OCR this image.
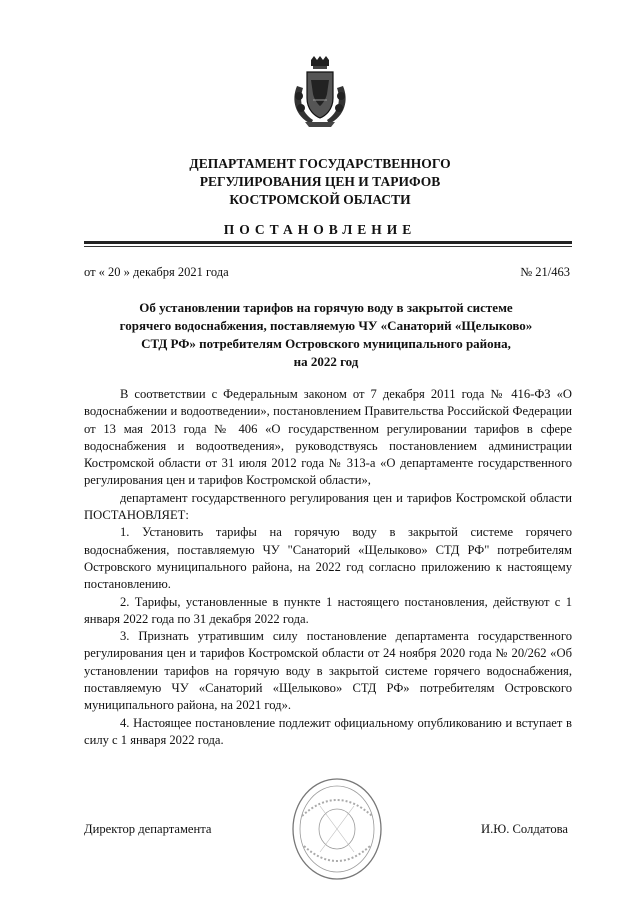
ДЕПАРТАМЕНТ ГОСУДАРСТВЕННОГО
РЕГУЛИРОВАНИЯ ЦЕН И ТАРИФОВ
КОСТРОМСКОЙ ОБЛАСТИ
ПОСТАНОВЛЕНИЕ
от « 20 » декабря 2021 года	№ 21/463
Об установлении тарифов на горячую воду в закрытой системе
горячего водоснабжения, поставляемую ЧУ «Санаторий «Щелыково»
СТД РФ» потребителям Островского муниципального района,
на 2022 год

В соответствии с Федеральным законом от 7 декабря 2011 года № 416-ФЗ «О водоснабжении и водоотведении», постановлением Правительства Российской Федерации от 13 мая 2013 года № 406 «О государственном регулировании тарифов в сфере водоснабжения и водоотведения», руководствуясь постановлением администрации Костромской области от 31 июля 2012 года № 313-а «О департаменте государственного регулирования цен и тарифов Костромской области»,

департамент государственного регулирования цен и тарифов Костромской области ПОСТАНОВЛЯЕТ:

1. Установить тарифы на горячую воду в закрытой системе горячего водоснабжения, поставляемую ЧУ "Санаторий «Щелыково» СТД РФ" потребителям Островского муниципального района, на 2022 год согласно приложению к настоящему постановлению.

2. Тарифы, установленные в пункте 1 настоящего постановления, действуют с 1 января 2022 года по 31 декабря 2022 года.

3. Признать утратившим силу постановление департамента государственного регулирования цен и тарифов Костромской области от 24 ноября 2020 года № 20/262 «Об установлении тарифов на горячую воду в закрытой системе горячего водоснабжения, поставляемую ЧУ «Санаторий «Щелыково» СТД РФ» потребителям Островского муниципального района, на 2021 год».

4. Настоящее постановление подлежит официальному опубликованию и вступает в силу с 1 января 2022 года.

Директор департамента	И.Ю. Солдатова
